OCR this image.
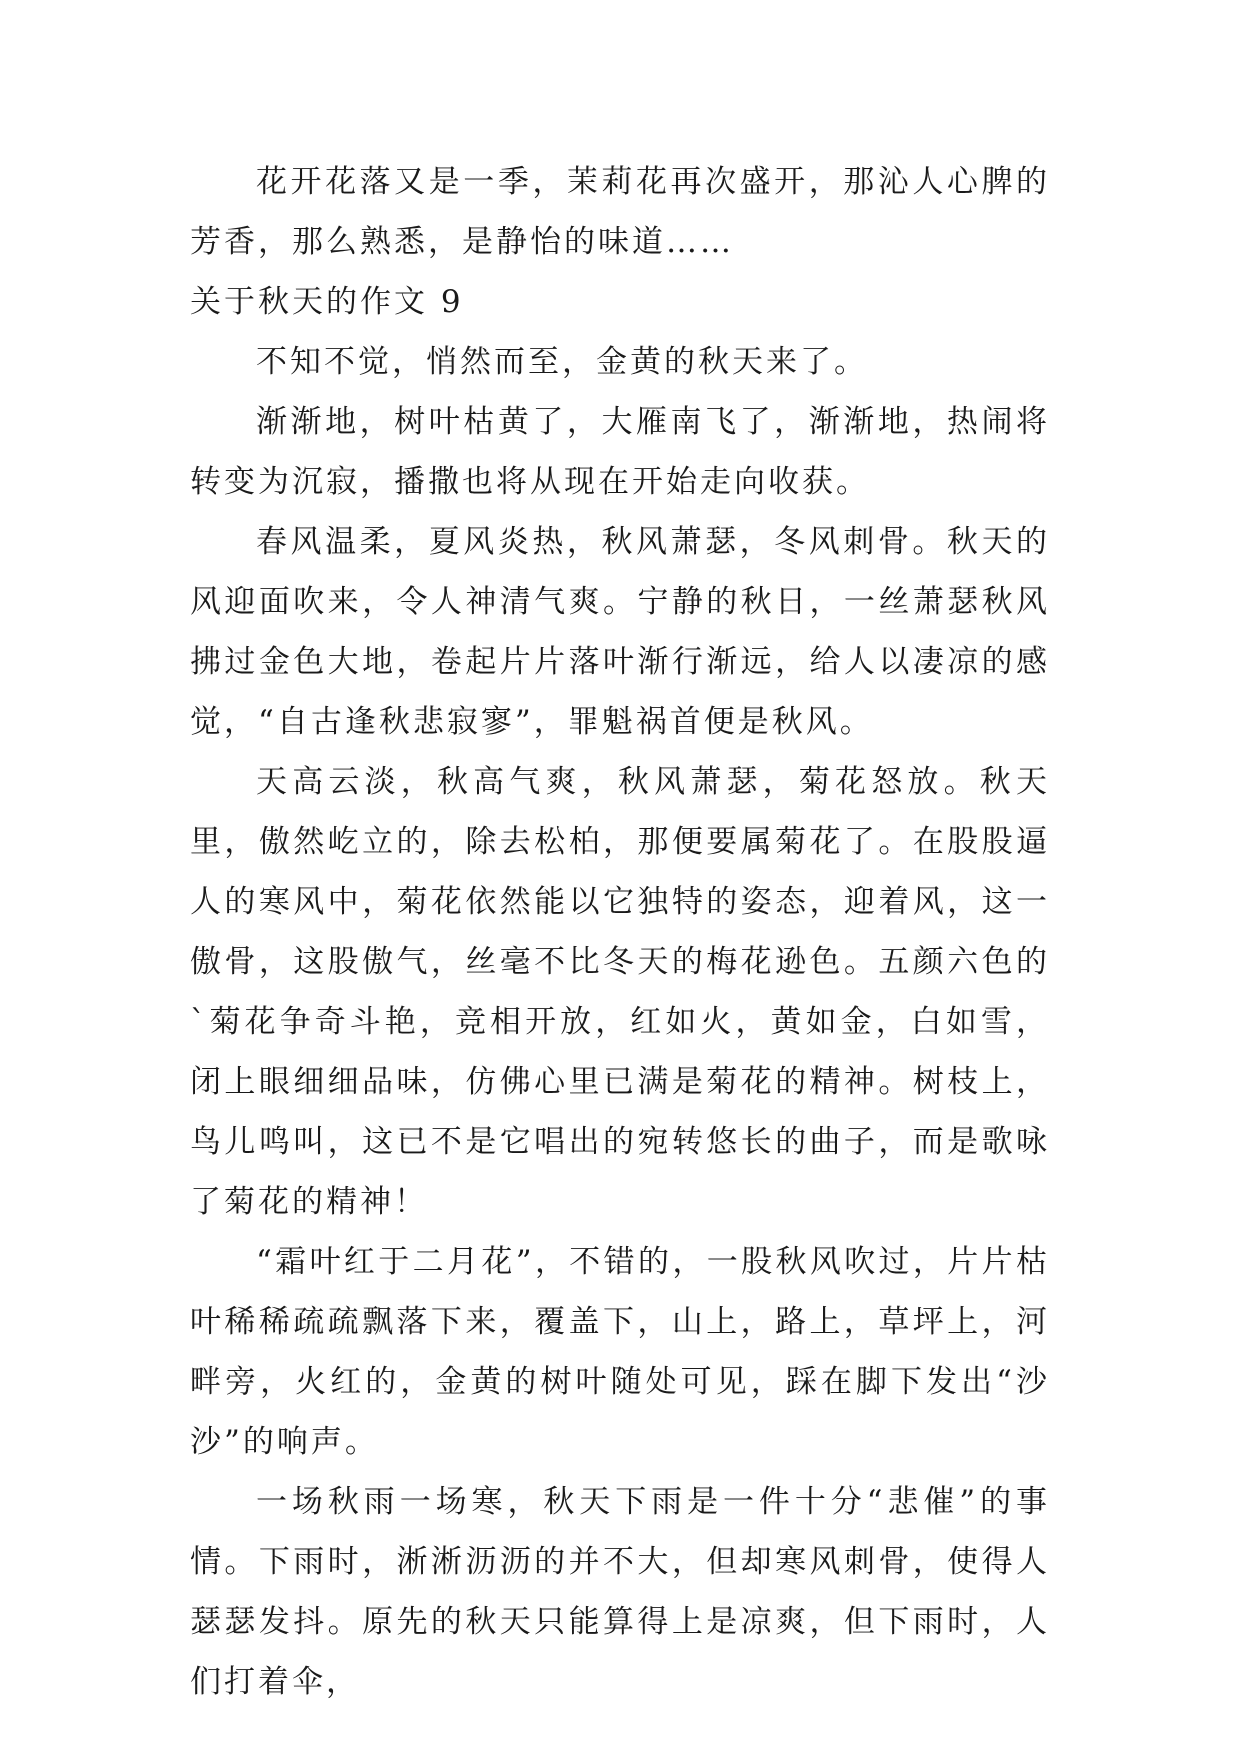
花开花落又是一季，茉莉花再次盛开，那沁人心脾的芳香，那么熟悉，是静怡的味道……

关于秋天的作文 9

不知不觉，悄然而至，金黄的秋天来了。

渐渐地，树叶枯黄了，大雁南飞了，渐渐地，热闹将转变为沉寂，播撒也将从现在开始走向收获。

春风温柔，夏风炎热，秋风萧瑟，冬风刺骨。秋天的风迎面吹来，令人神清气爽。宁静的秋日，一丝萧瑟秋风拂过金色大地，卷起片片落叶渐行渐远，给人以凄凉的感觉，“自古逢秋悲寂寥”，罪魁祸首便是秋风。

天高云淡，秋高气爽，秋风萧瑟，菊花怒放。秋天里，傲然屹立的，除去松柏，那便要属菊花了。在股股逼人的寒风中，菊花依然能以它独特的姿态，迎着风，这一傲骨，这股傲气，丝毫不比冬天的梅花逊色。五颜六色的`菊花争奇斗艳，竞相开放，红如火，黄如金，白如雪，闭上眼细细品味，仿佛心里已满是菊花的精神。树枝上，鸟儿鸣叫，这已不是它唱出的宛转悠长的曲子，而是歌咏了菊花的精神！

“霜叶红于二月花”，不错的，一股秋风吹过，片片枯叶稀稀疏疏飘落下来，覆盖下，山上，路上，草坪上，河畔旁，火红的，金黄的树叶随处可见，踩在脚下发出“沙沙”的响声。

一场秋雨一场寒，秋天下雨是一件十分“悲催”的事情。下雨时，淅淅沥沥的并不大，但却寒风刺骨，使得人瑟瑟发抖。原先的秋天只能算得上是凉爽，但下雨时，人们打着伞，
